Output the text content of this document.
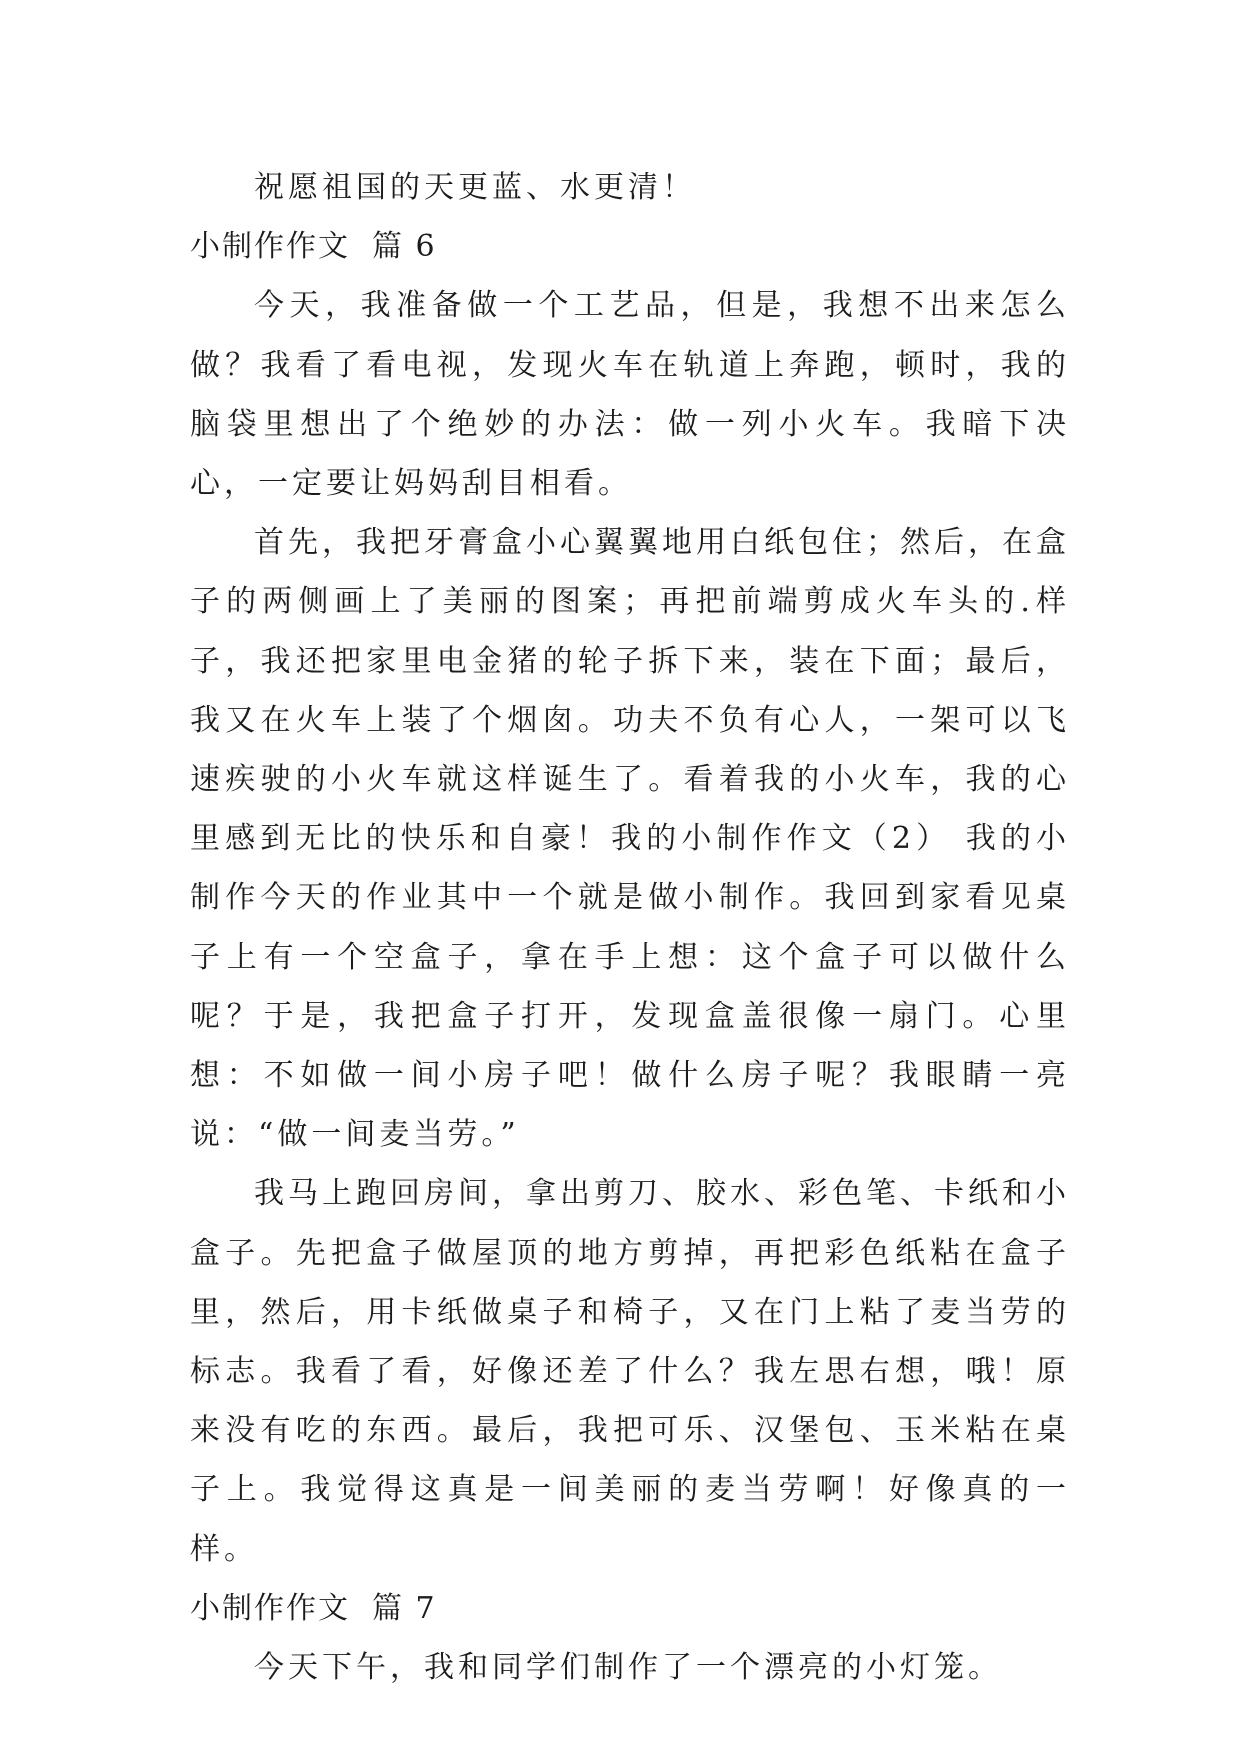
祝愿祖国的天更蓝、水更清！

小制作作文 篇 6

今天，我准备做一个工艺品，但是，我想不出来怎么做？我看了看电视，发现火车在轨道上奔跑，顿时，我的脑袋里想出了个绝妙的办法：做一列小火车。我暗下决心，一定要让妈妈刮目相看。

首先，我把牙膏盒小心翼翼地用白纸包住；然后，在盒子的两侧画上了美丽的图案；再把前端剪成火车头的.样子，我还把家里电金猪的轮子拆下来，装在下面；最后，我又在火车上装了个烟囱。功夫不负有心人，一架可以飞速疾驶的小火车就这样诞生了。看着我的小火车，我的心里感到无比的快乐和自豪！我的小制作作文（2） 我的小制作今天的作业其中一个就是做小制作。我回到家看见桌子上有一个空盒子，拿在手上想：这个盒子可以做什么呢？于是，我把盒子打开，发现盒盖很像一扇门。心里想：不如做一间小房子吧！做什么房子呢？我眼睛一亮说：“做一间麦当劳。”

我马上跑回房间，拿出剪刀、胶水、彩色笔、卡纸和小盒子。先把盒子做屋顶的地方剪掉，再把彩色纸粘在盒子里，然后，用卡纸做桌子和椅子，又在门上粘了麦当劳的标志。我看了看，好像还差了什么？我左思右想，哦！原来没有吃的东西。最后，我把可乐、汉堡包、玉米粘在桌子上。我觉得这真是一间美丽的麦当劳啊！好像真的一样。

小制作作文 篇 7

今天下午，我和同学们制作了一个漂亮的小灯笼。
